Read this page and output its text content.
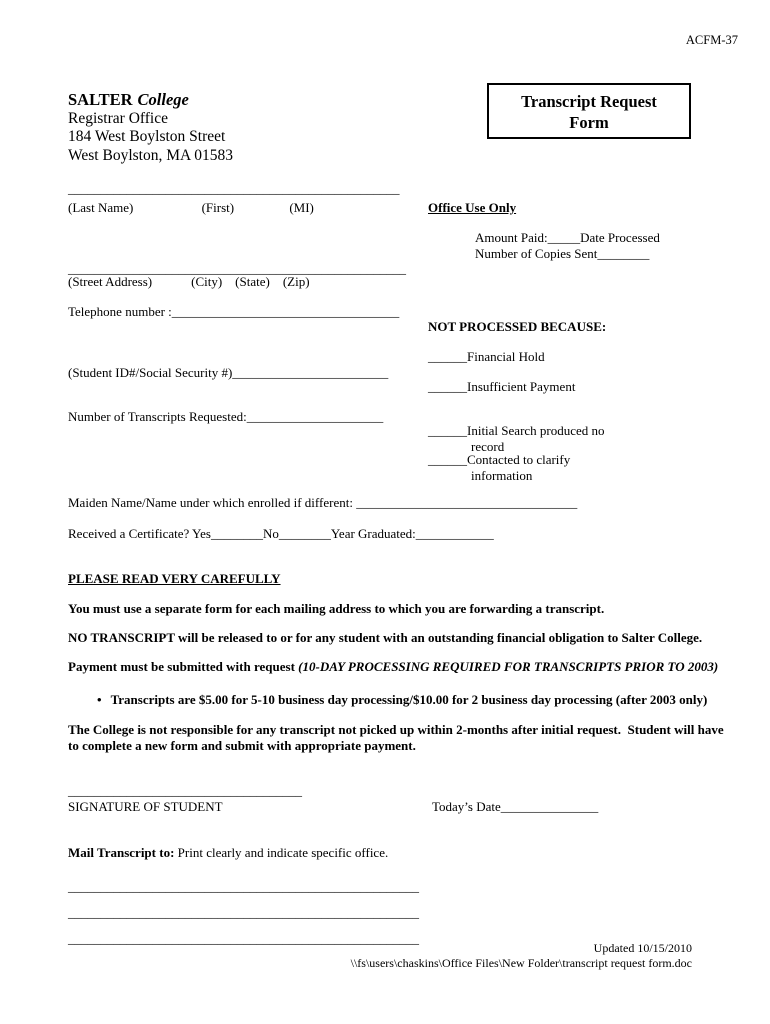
ACFM-37
SALTER College
Registrar Office
184 West Boylston Street
West Boylston, MA 01583
Transcript Request
Form
___________________________________________________
(Last Name)                     (First)                 (MI)
____________________________________________________
(Street Address)            (City)    (State)    (Zip)
Telephone number :___________________________________
(Student ID#/Social Security #)________________________
Number of Transcripts Requested:_____________________
Office Use Only
Amount Paid:_____Date Processed
Number of Copies Sent________
NOT PROCESSED BECAUSE:
______Financial Hold
______Insufficient Payment
______Initial Search produced no
record
______Contacted to clarify
information
Maiden Name/Name under which enrolled if different: __________________________________
Received a Certificate? Yes________No________Year Graduated:____________
PLEASE READ VERY CAREFULLY
You must use a separate form for each mailing address to which you are forwarding a transcript.
NO TRANSCRIPT will be released to or for any student with an outstanding financial obligation to Salter College.
Payment must be submitted with request (10-DAY PROCESSING REQUIRED FOR TRANSCRIPTS PRIOR TO 2003)
• Transcripts are $5.00 for 5-10 business day processing/$10.00 for 2 business day processing (after 2003 only)
The College is not responsible for any transcript not picked up within 2-months after initial request.  Student will have to complete a new form and submit with appropriate payment.
____________________________________
SIGNATURE OF STUDENT	Today’s Date_______________
Mail Transcript to: Print clearly and indicate specific office.
______________________________________________________
______________________________________________________
______________________________________________________
Updated 10/15/2010
\\fs\users\chaskins\Office Files\New Folder\transcript request form.doc
